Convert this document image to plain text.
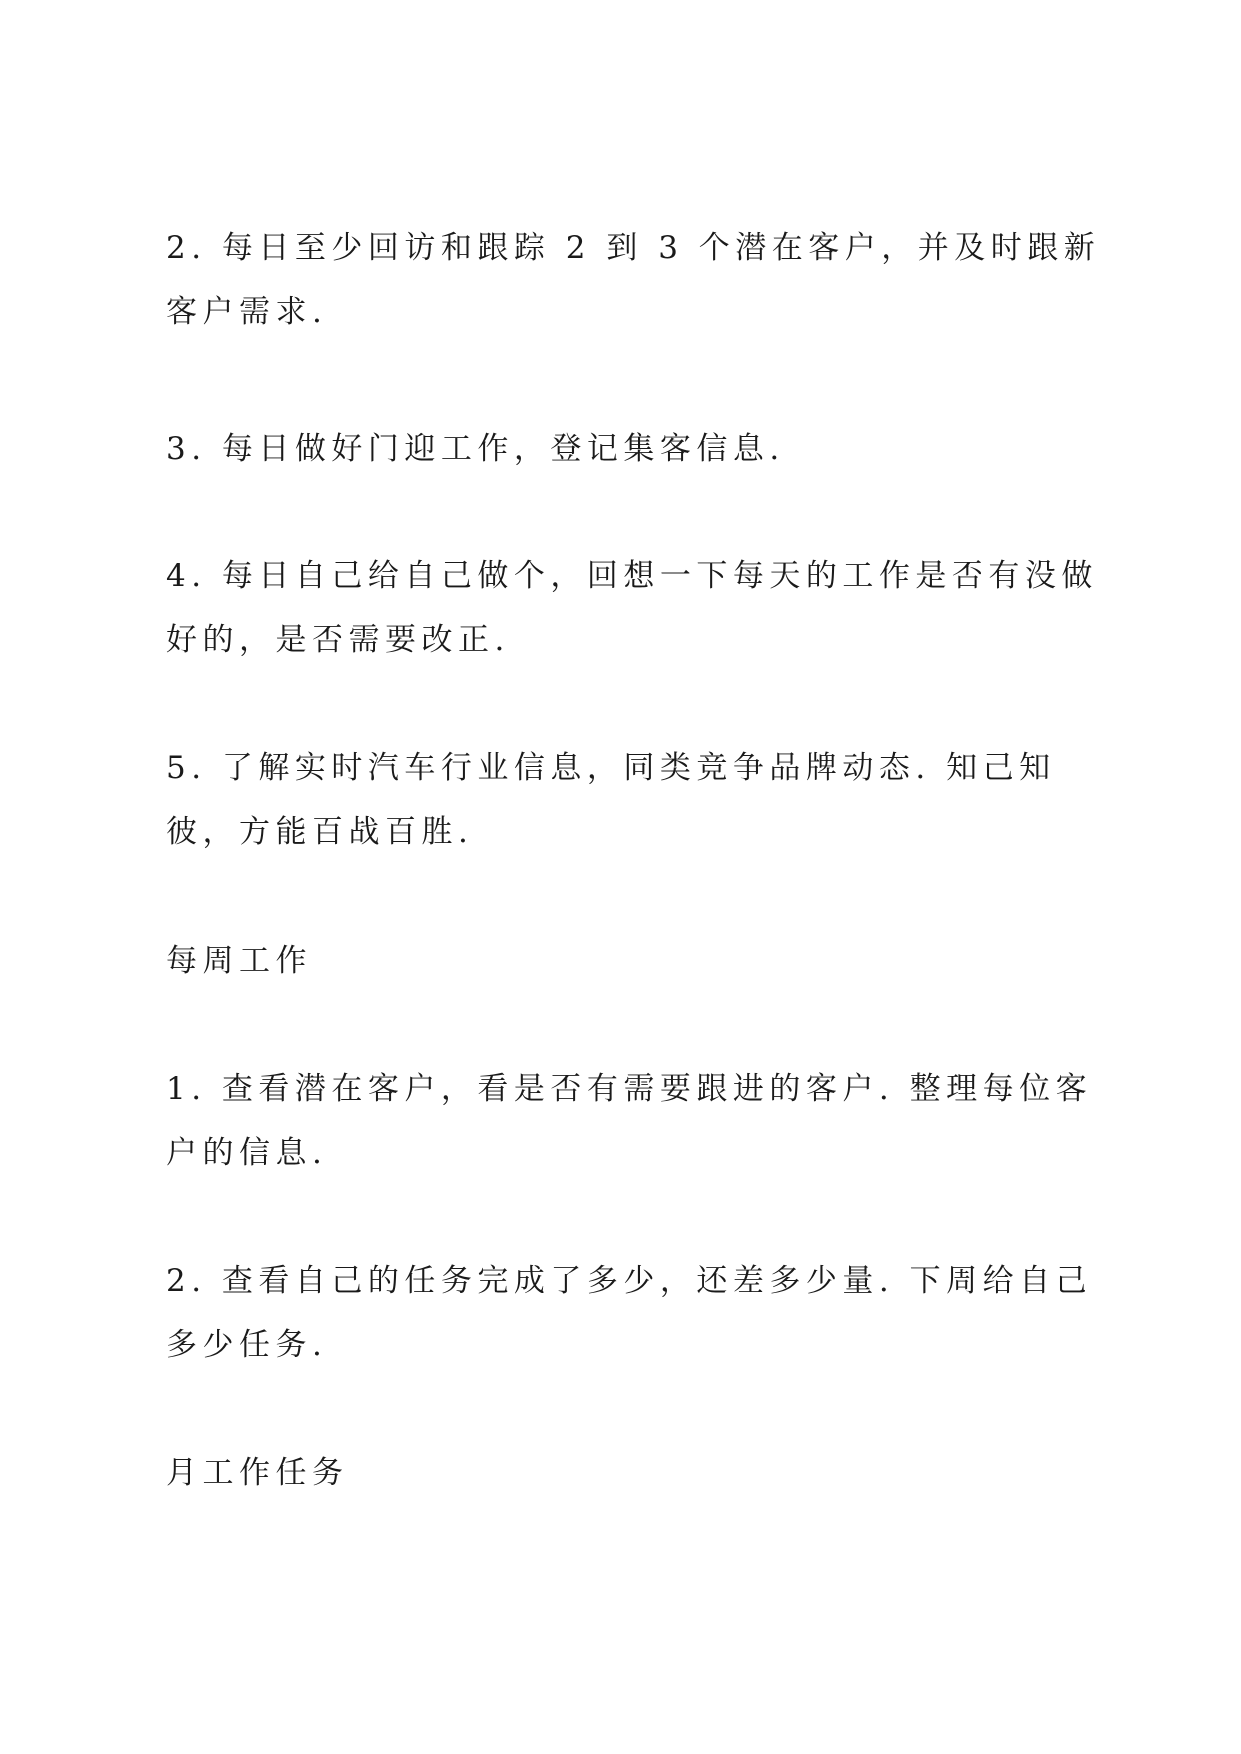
2. 每日至少回访和跟踪 2 到 3 个潜在客户，并及时跟新客户需求.

3. 每日做好门迎工作，登记集客信息.

4. 每日自己给自己做个，回想一下每天的工作是否有没做好的，是否需要改正.

5. 了解实时汽车行业信息，同类竞争品牌动态. 知己知彼，方能百战百胜.

每周工作

1. 查看潜在客户，看是否有需要跟进的客户. 整理每位客户的信息.

2. 查看自己的任务完成了多少，还差多少量. 下周给自己多少任务.

月工作任务
